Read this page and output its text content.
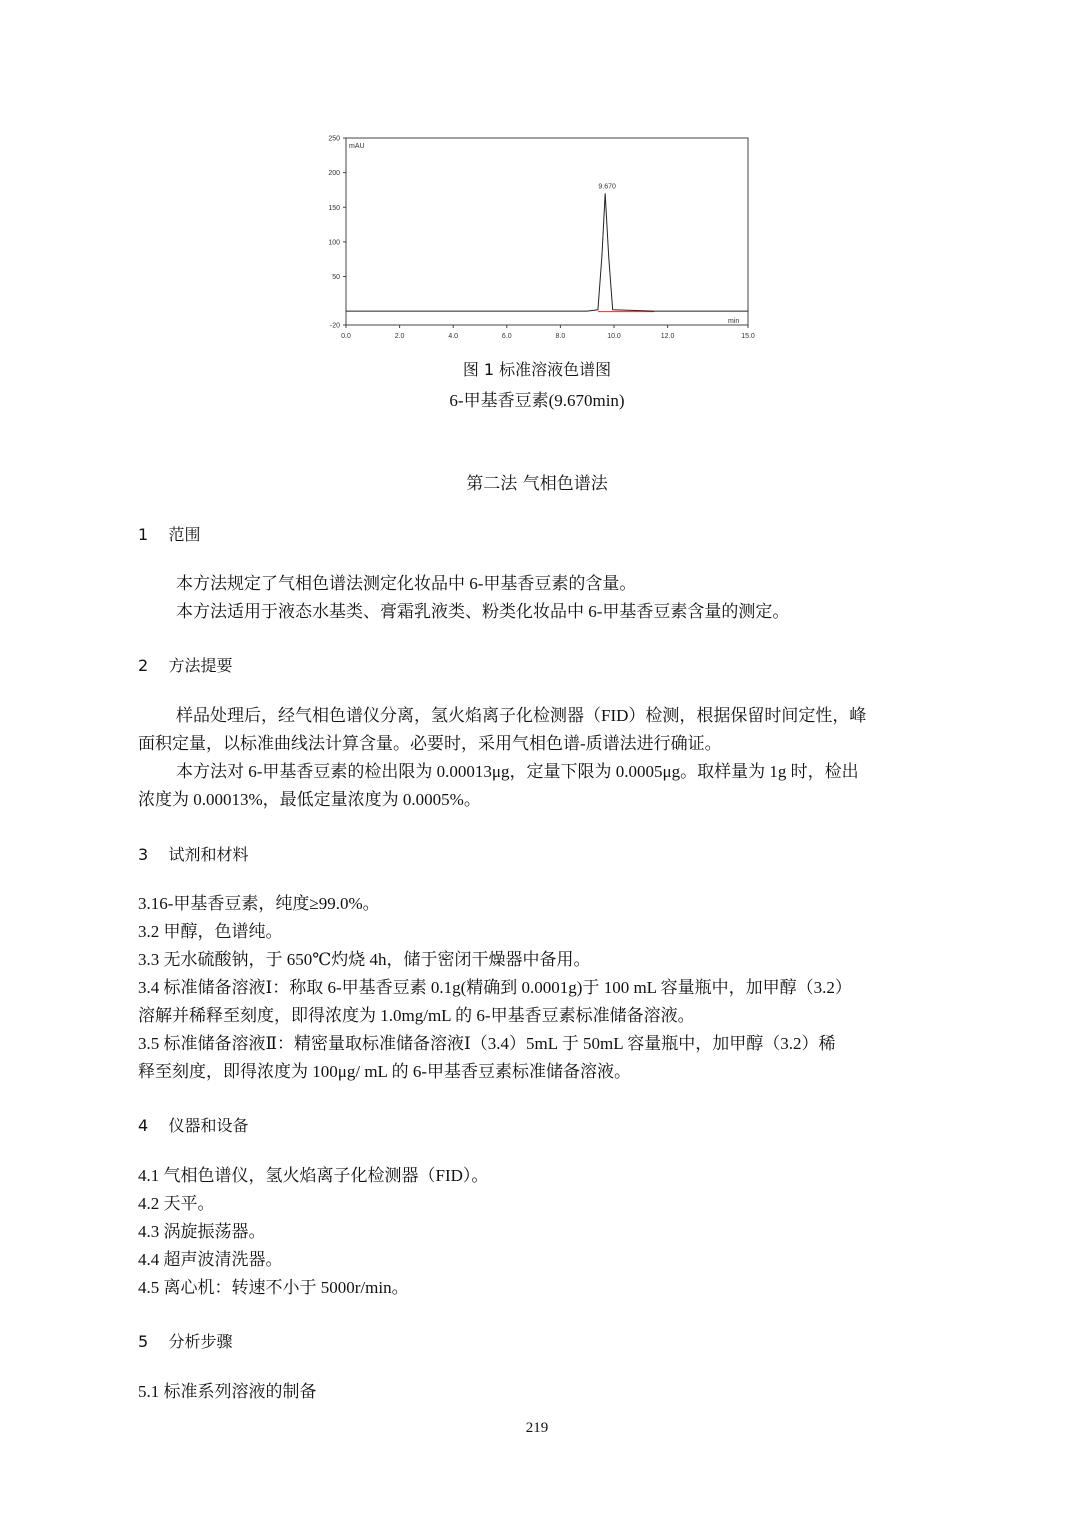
250
200
150
100
50
-20
0.0	2.0	4.0	6.0	8.0	10.0	12.0	15.0
mAU
min
9.670
图 1 标准溶液色谱图
6-甲基香豆素(9.670min)
第二法 气相色谱法
1    范围
本方法规定了气相色谱法测定化妆品中 6-甲基香豆素的含量。
本方法适用于液态水基类、膏霜乳液类、粉类化妆品中 6-甲基香豆素含量的测定。
2    方法提要
样品处理后，经气相色谱仪分离，氢火焰离子化检测器（FID）检测，根据保留时间定性，峰
面积定量，以标准曲线法计算含量。必要时，采用气相色谱-质谱法进行确证。
本方法对 6-甲基香豆素的检出限为 0.00013μg，定量下限为 0.0005μg。取样量为 1g 时，检出
浓度为 0.00013%，最低定量浓度为 0.0005%。
3    试剂和材料
3.16-甲基香豆素，纯度≥99.0%。
3.2 甲醇，色谱纯。
3.3 无水硫酸钠，于 650℃灼烧 4h，储于密闭干燥器中备用。
3.4 标准储备溶液Ⅰ：称取 6-甲基香豆素 0.1g(精确到 0.0001g)于 100 mL 容量瓶中，加甲醇（3.2）
溶解并稀释至刻度，即得浓度为 1.0mg/mL 的 6-甲基香豆素标准储备溶液。
3.5 标准储备溶液Ⅱ：精密量取标准储备溶液Ⅰ（3.4）5mL 于 50mL 容量瓶中，加甲醇（3.2）稀
释至刻度，即得浓度为 100μg/ mL 的 6-甲基香豆素标准储备溶液。
4    仪器和设备
4.1 气相色谱仪，氢火焰离子化检测器（FID）。
4.2 天平。
4.3 涡旋振荡器。
4.4 超声波清洗器。
4.5 离心机：转速不小于 5000r/min。
5    分析步骤
5.1 标准系列溶液的制备
219
